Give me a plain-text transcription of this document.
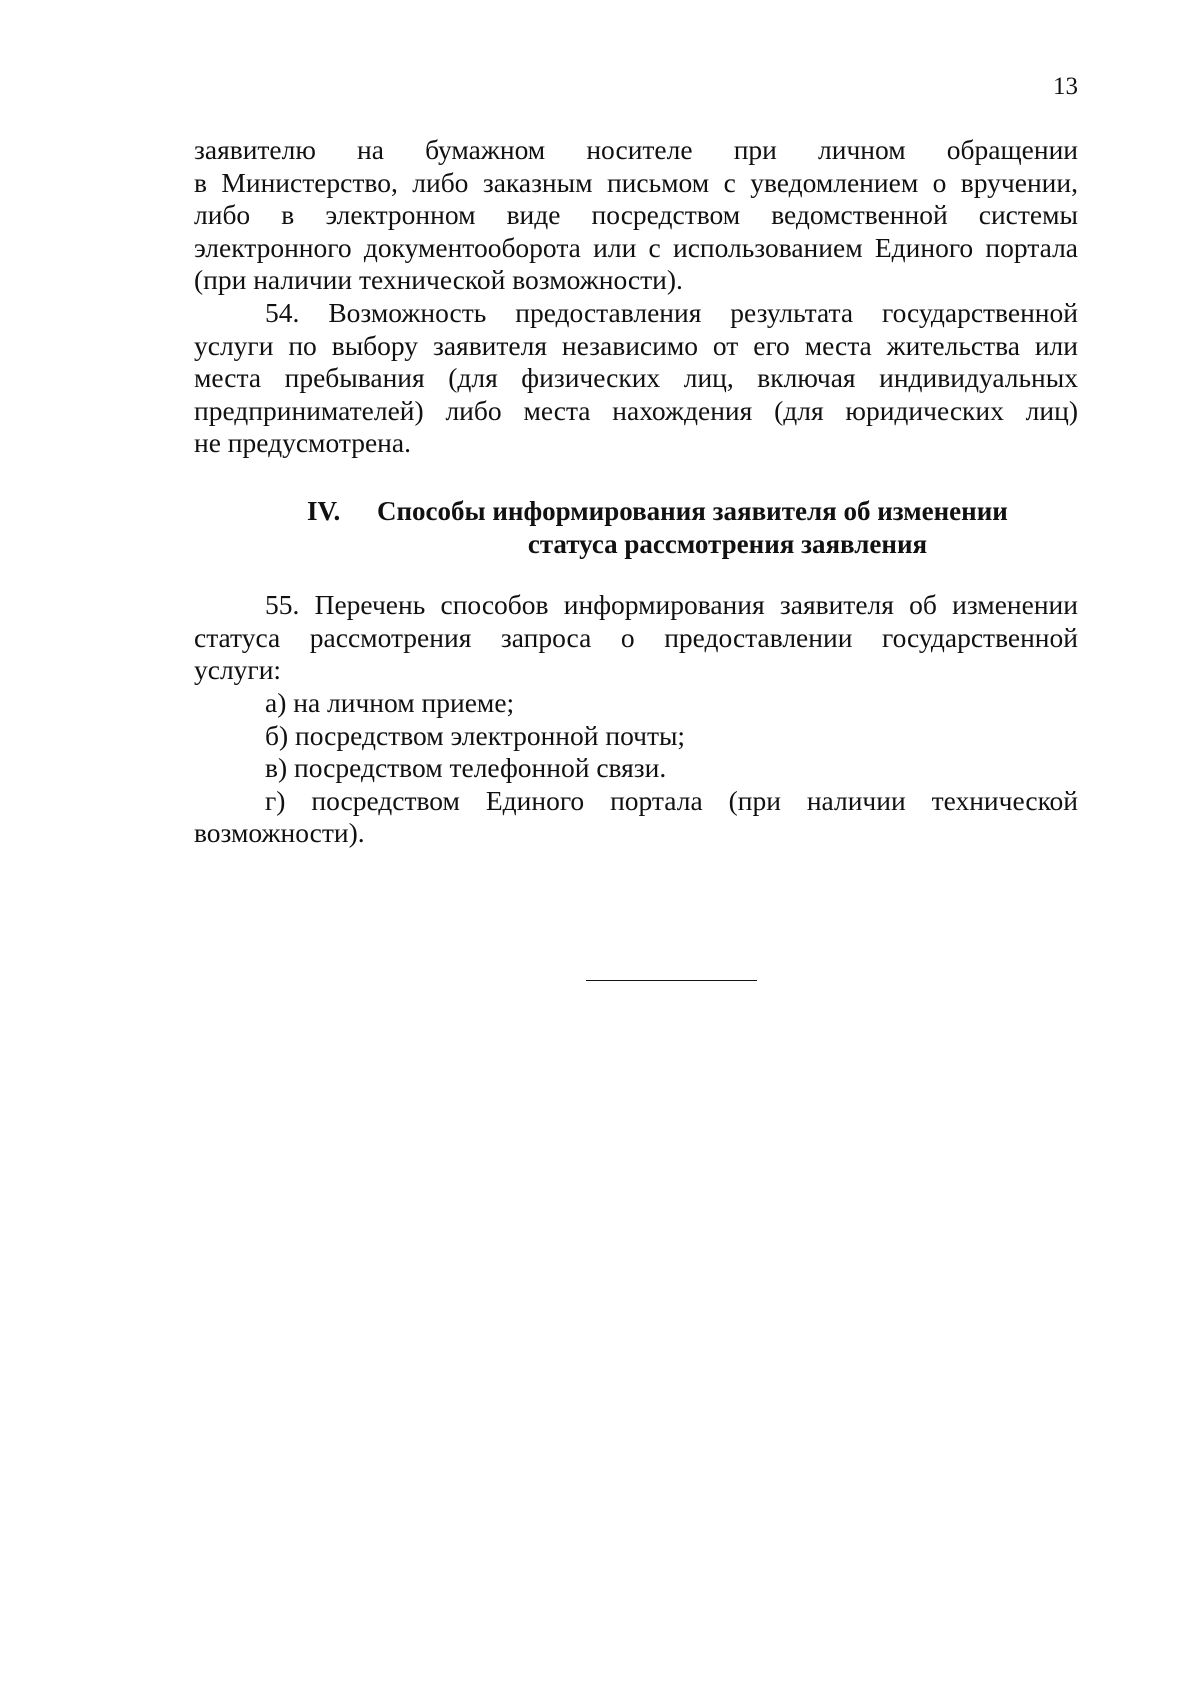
13

заявителю на бумажном носителе при личном обращении

в Министерство, либо заказным письмом с уведомлением о вручении,

либо в электронном виде посредством ведомственной системы

электронного документооборота или с использованием Единого портала

(при наличии технической возможности).

54. Возможность предоставления результата государственной

услуги по выбору заявителя независимо от его места жительства или

места пребывания (для физических лиц, включая индивидуальных

предпринимателей) либо места нахождения (для юридических лиц)

не предусмотрена.

IV. Способы информирования заявителя об изменении
статуса рассмотрения заявления

55. Перечень способов информирования заявителя об изменении

статуса рассмотрения запроса о предоставлении государственной

услуги:

а) на личном приеме;

б) посредством электронной почты;

в) посредством телефонной связи.

г) посредством Единого портала (при наличии технической

возможности).
